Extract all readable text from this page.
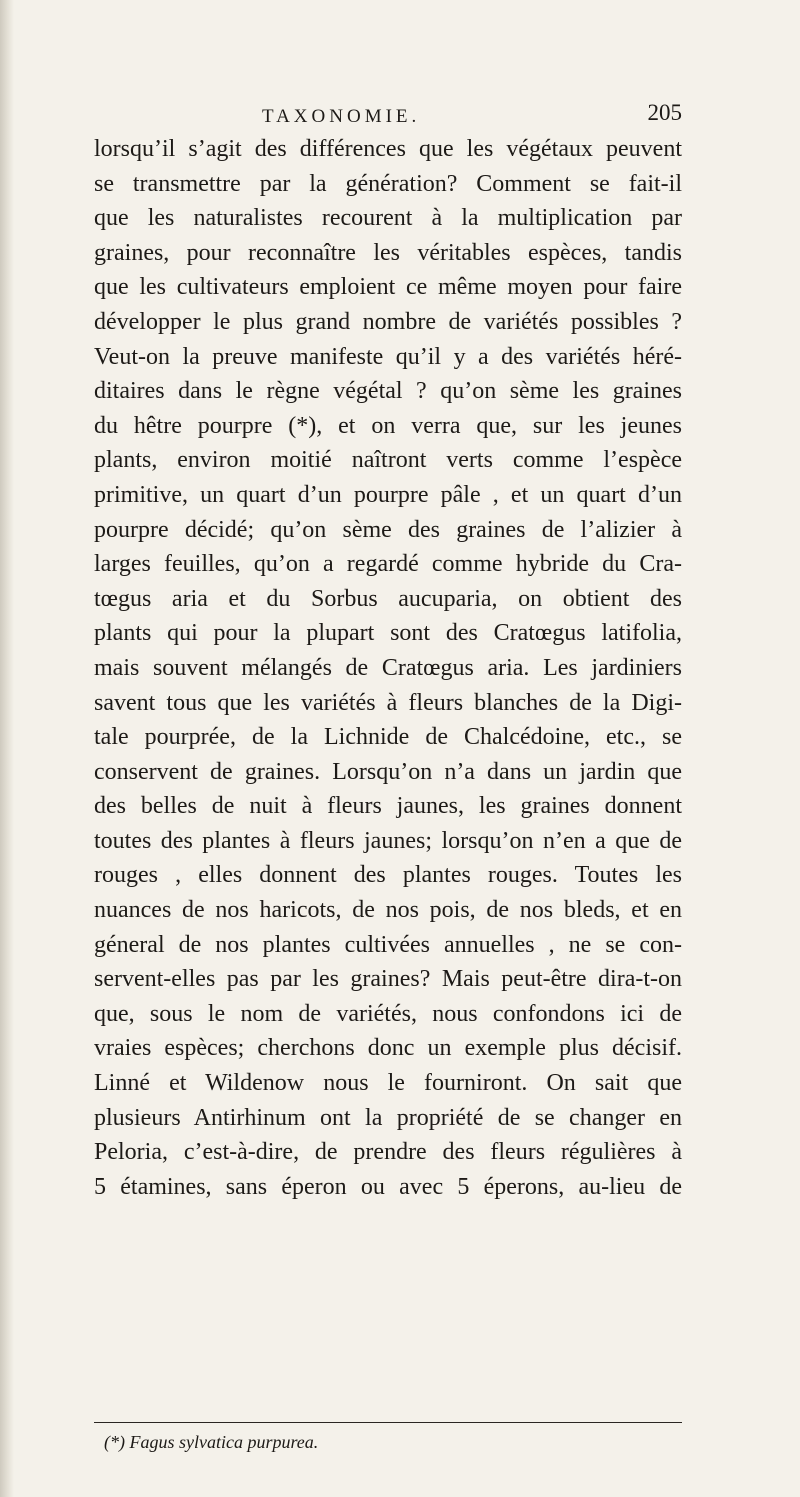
TAXONOMIE.	205
lorsqu’il s’agit des différences que les végétaux peuvent
se transmettre par la génération? Comment se fait-il
que les naturalistes recourent à la multiplication par
graines, pour reconnaître les véritables espèces, tandis
que les cultivateurs emploient ce même moyen pour faire
développer le plus grand nombre de variétés possibles ?
Veut-on la preuve manifeste qu’il y a des variétés héré-
ditaires dans le règne végétal ? qu’on sème les graines
du hêtre pourpre (*), et on verra que, sur les jeunes
plants, environ moitié naîtront verts comme l’espèce
primitive, un quart d’un pourpre pâle , et un quart d’un
pourpre décidé; qu’on sème des graines de l’alizier à
larges feuilles, qu’on a regardé comme hybride du Cra-
tœgus aria et du Sorbus aucuparia, on obtient des
plants qui pour la plupart sont des Cratœgus latifolia,
mais souvent mélangés de Cratœgus aria. Les jardiniers
savent tous que les variétés à fleurs blanches de la Digi-
tale pourprée, de la Lichnide de Chalcédoine, etc., se
conservent de graines. Lorsqu’on n’a dans un jardin que
des belles de nuit à fleurs jaunes, les graines donnent
toutes des plantes à fleurs jaunes; lorsqu’on n’en a que de
rouges , elles donnent des plantes rouges. Toutes les
nuances de nos haricots, de nos pois, de nos bleds, et en
géneral de nos plantes cultivées annuelles , ne se con-
servent-elles pas par les graines? Mais peut-être dira-t-on
que, sous le nom de variétés, nous confondons ici de
vraies espèces; cherchons donc un exemple plus décisif.
Linné et Wildenow nous le fourniront. On sait que
plusieurs Antirhinum ont la propriété de se changer en
Peloria, c’est-à-dire, de prendre des fleurs régulières à
5 étamines, sans éperon ou avec 5 éperons, au-lieu de
(*) Fagus sylvatica purpurea.
